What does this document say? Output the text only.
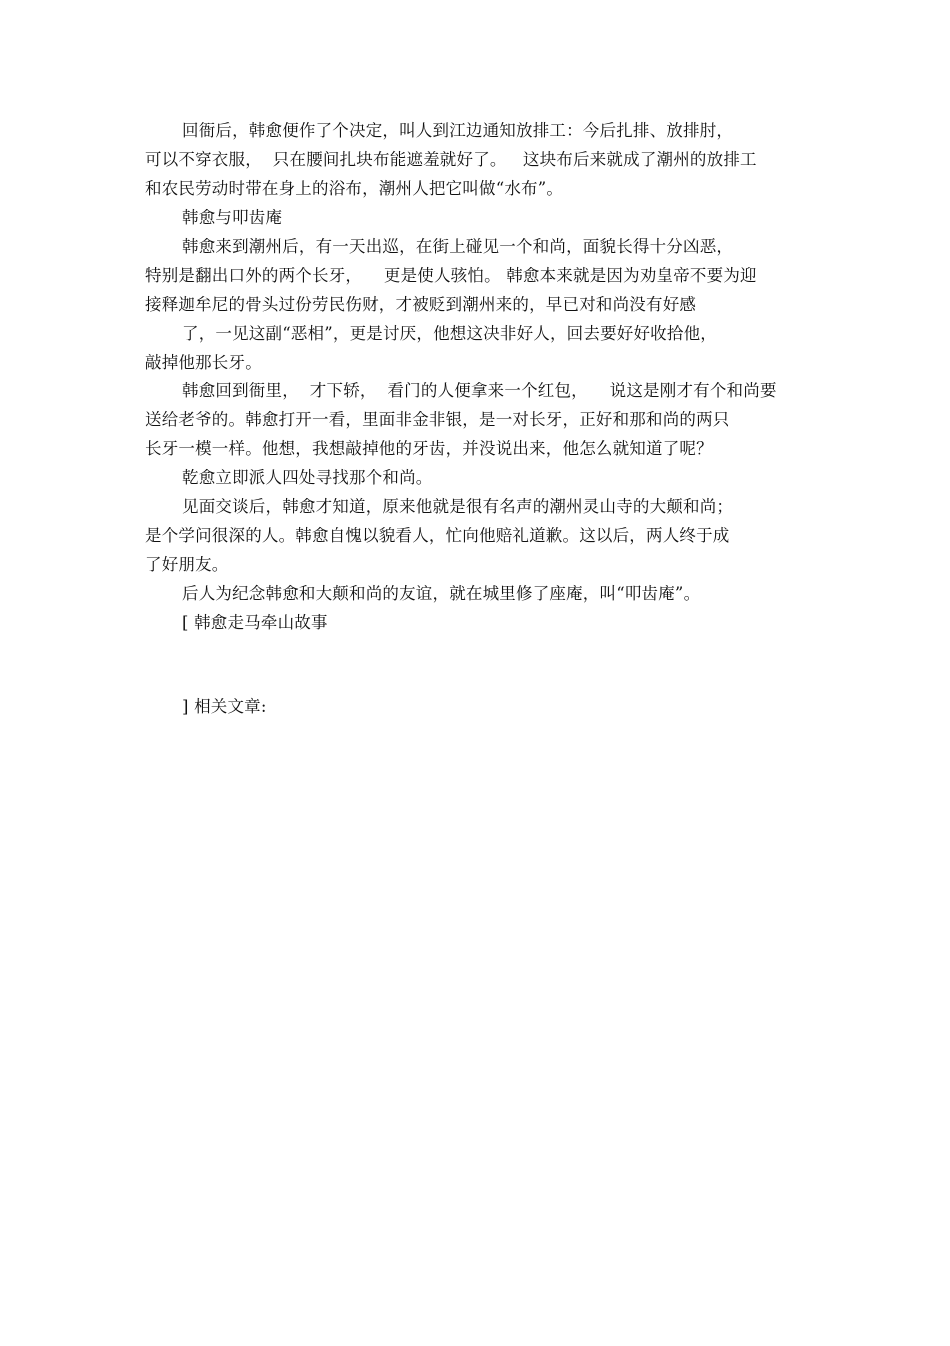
回衙后，韩愈便作了个决定，叫人到江边通知放排工：今后扎排、放排肘，
可以不穿衣服，  只在腰间扎块布能遮羞就好了。   这块布后来就成了潮州的放排工
和农民劳动时带在身上的浴布，潮州人把它叫做“水布”。
韩愈与叩齿庵
韩愈来到潮州后，有一天出巡，在街上碰见一个和尚，面貌长得十分凶恶，
特别是翻出口外的两个长牙，    更是使人骇怕。 韩愈本来就是因为劝皇帝不要为迎
接释迦牟尼的骨头过份劳民伤财，才被贬到潮州来的，早已对和尚没有好感
了，一见这副“恶相”，更是讨厌，他想这决非好人，回去要好好收拾他，
敲掉他那长牙。
韩愈回到衙里，  才下轿，  看门的人便拿来一个红包，    说这是刚才有个和尚要
送给老爷的。韩愈打开一看，里面非金非银，是一对长牙，正好和那和尚的两只
长牙一模一样。他想，我想敲掉他的牙齿，并没说出来，他怎么就知道了呢？
乾愈立即派人四处寻找那个和尚。
见面交谈后，韩愈才知道，原来他就是很有名声的潮州灵山寺的大颠和尚；
是个学问很深的人。韩愈自愧以貌看人，忙向他赔礼道歉。这以后，两人终于成
了好朋友。
后人为纪念韩愈和大颠和尚的友谊，就在城里修了座庵，叫“叩齿庵”。
[ 韩愈走马牵山故事
] 相关文章:
